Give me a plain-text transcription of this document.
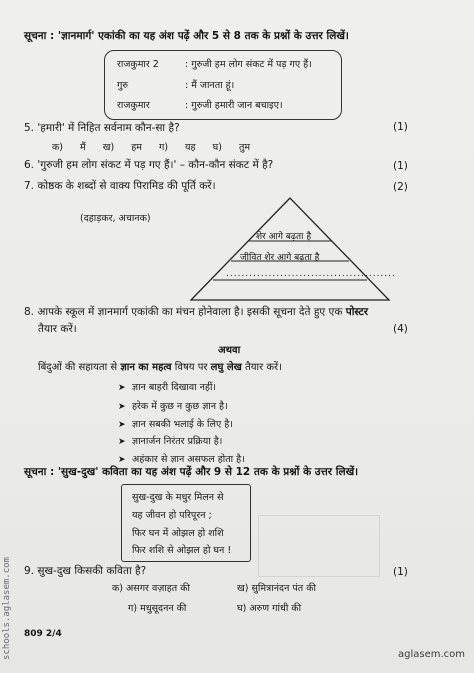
सूचना : 'ज्ञानमार्ग' एकांकी का यह अंश पढ़ें और 5 से 8 तक के प्रश्नों के उत्तर लिखें।
राजकुमार 2	: गुरुजी हम लोग संकट में पड़ गए हैं।
गुरु	: मैं जानता हूं।
राजकुमार	: गुरुजी हमारी जान बचाइए।
5. 'हमारी' में निहित सर्वनाम कौन-सा है?	(1)
क) मैं ख) हम ग) यह घ) तुम
6. 'गुरुजी हम लोग संकट में पड़ गए हैं।' – कौन-कौन संकट में है?	(1)
7. कोष्ठक के शब्दों से वाक्य पिरामिड की पूर्ति करें।	(2)
(दहाड़कर, अचानक)
शेर आगे बढ़ता है
जीवित शेर आगे बढ़ता है
............................................
8. आपके स्कूल में ज्ञानमार्ग एकांकी का मंचन होनेवाला है। इसकी सूचना देते हुए एक पोस्टर
तैयार करें।	(4)
अथवा
बिंदुओं की सहायता से ज्ञान का महत्व विषय पर लघु लेख तैयार करें।
➤ ज्ञान बाहरी दिखावा नहीं।
➤ हरेक में कुछ न कुछ ज्ञान है।
➤ ज्ञान सबकी भलाई के लिए है।
➤ ज्ञानार्जन निरंतर प्रक्रिया है।
➤ अहंकार से ज्ञान असफल होता है।
सूचना : 'सुख-दुख' कविता का यह अंश पढ़ें और 9 से 12 तक के प्रश्नों के उत्तर लिखें।
सुख-दुख के मधुर मिलन से
यह जीवन हो परिपूरन ;
फिर घन में ओझल हो शशि
फिर शशि से ओझल हो घन !
9. सुख-दुख किसकी कविता है?	(1)
क) असगर वज़ाहत की	ख) सुमित्रानंदन पंत की
ग) मधुसूदनन की	घ) अरुण गांधी की
809 2/4
aglasem.com
schools.aglasem.com
